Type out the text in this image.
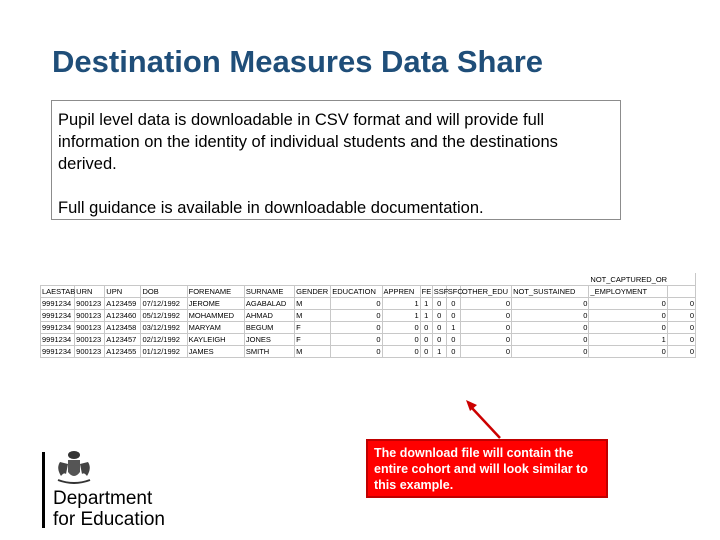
Destination Measures Data Share

Pupil level data is downloadable in CSV format and will provide full information on the identity of individual students and the destinations derived.

Full guidance is available in downloadable documentation.

														NOT_CAPTURED_OR	
LAESTAB	URN	UPN	DOB	FORENAME	SURNAME	GENDER	EDUCATION	APPREN	FE	SSF	SFC	OTHER_EDU	NOT_SUSTAINED	_EMPLOYMENT	
9991234	900123	A123459	07/12/1992	JEROME	AGABALAD	M	0	1	1	0	0	0	0	0	0
9991234	900123	A123460	05/12/1992	MOHAMMED	AHMAD	M	0	1	1	0	0	0	0	0	0
9991234	900123	A123458	03/12/1992	MARYAM	BEGUM	F	0	0	0	0	1	0	0	0	0
9991234	900123	A123457	02/12/1992	KAYLEIGH	JONES	F	0	0	0	0	0	0	0	1	0
9991234	900123	A123455	01/12/1992	JAMES	SMITH	M	0	0	0	1	0	0	0	0	0
The download file will contain the entire cohort and will look similar to this example.
Department
for Education
